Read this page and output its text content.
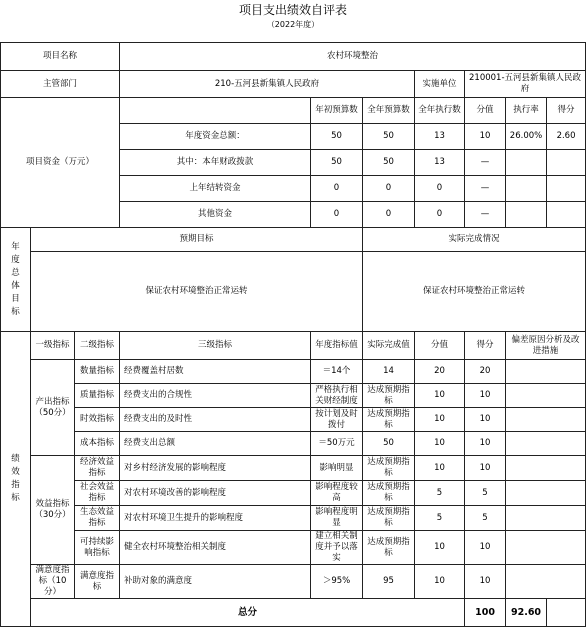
项目支出绩效自评表
（2022年度）
项目名称			农村环境整治						
主管部门			210-五河县新集镇人民政府			实施单位	210001-五河县新集镇人民政府		
项目资金（万元）				年初预算数	全年预算数	全年执行数	分值	执行率	得分
			年度资金总额：	50	50	13	10	26.00%	2.60
			其中：本年财政拨款	50	50	13	—		
			上年结转资金	0	0	0	—		
			其他资金	0	0	0	—		
年度总体目标	预期目标				实际完成情况				
	保证农村环境整治正常运转				保证农村环境整治正常运转				
绩效指标	一级指标	二级指标	三级指标	年度指标值	实际完成值	分值	得分	偏差原因分析及改进措施	
	产出指标（50分）	数量指标	经费覆盖村居数	＝14个	14	20	20		
		质量指标	经费支出的合规性	严格执行相关财经制度	达成预期指标	10	10		
		时效指标	经费支出的及时性	按计划及时拨付	达成预期指标	10	10		
		成本指标	经费支出总额	＝50万元	50	10	10		
	效益指标（30分）	经济效益指标	对乡村经济发展的影响程度	影响明显	达成预期指标	10	10		
		社会效益指标	对农村环境改善的影响程度	影响程度较高	达成预期指标	5	5		
		生态效益指标	对农村环境卫生提升的影响程度	影响程度明显	达成预期指标	5	5		
		可持续影响指标	健全农村环境整治相关制度	建立相关制度并予以落实	达成预期指标	10	10		
	满意度指标（10分）	满意度指标	补助对象的满意度	＞95%	95	10	10		
	总分						100	92.60	
